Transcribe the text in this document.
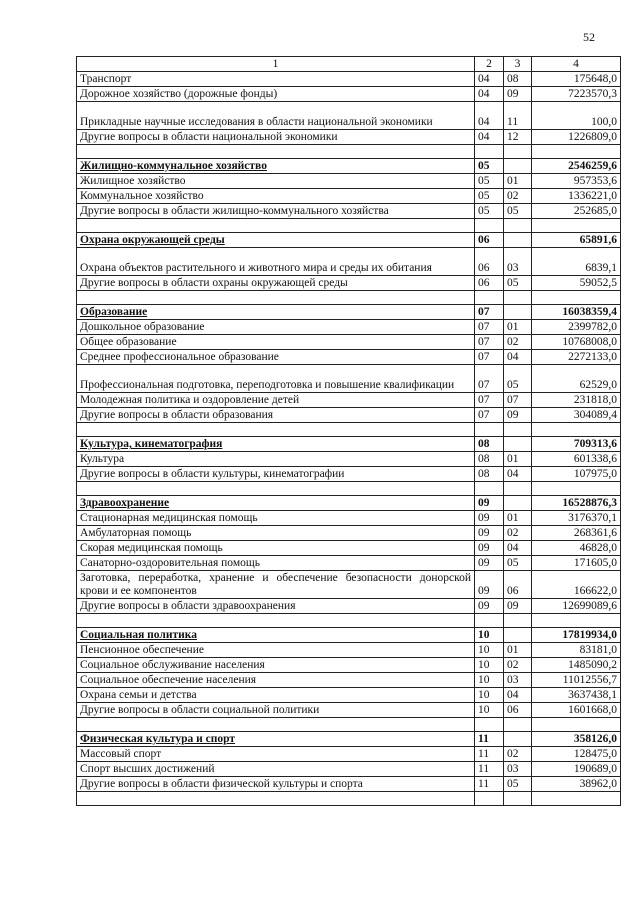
52
1	2	3	4
Транспорт	04	08	175648,0
Дорожное хозяйство (дорожные фонды)	04	09	7223570,3
Прикладные научные исследования в области национальной экономики	04	11	100,0
Другие вопросы в области национальной экономики	04	12	1226809,0

Жилищно-коммунальное хозяйство	05		2546259,6
Жилищное хозяйство	05	01	957353,6
Коммунальное хозяйство	05	02	1336221,0
Другие вопросы в области жилищно-коммунального хозяйства	05	05	252685,0

Охрана окружающей среды	06		65891,6
Охрана объектов растительного и животного мира и среды их обитания	06	03	6839,1
Другие вопросы в области охраны окружающей среды	06	05	59052,5

Образование	07		16038359,4
Дошкольное образование	07	01	2399782,0
Общее образование	07	02	10768008,0
Среднее профессиональное образование	07	04	2272133,0
Профессиональная подготовка, переподготовка и повышение квалификации	07	05	62529,0
Молодежная политика и оздоровление детей	07	07	231818,0
Другие вопросы в области образования	07	09	304089,4

Культура, кинематография	08		709313,6
Культура	08	01	601338,6
Другие вопросы в области культуры, кинематографии	08	04	107975,0

Здравоохранение	09		16528876,3
Стационарная медицинская помощь	09	01	3176370,1
Амбулаторная помощь	09	02	268361,6
Скорая медицинская помощь	09	04	46828,0
Санаторно-оздоровительная помощь	09	05	171605,0
Заготовка, переработка, хранение и обеспечение безопасности донорской крови и ее компонентов	09	06	166622,0
Другие вопросы в области здравоохранения	09	09	12699089,6

Социальная политика	10		17819934,0
Пенсионное обеспечение	10	01	83181,0
Социальное обслуживание населения	10	02	1485090,2
Социальное обеспечение населения	10	03	11012556,7
Охрана семьи и детства	10	04	3637438,1
Другие вопросы в области социальной политики	10	06	1601668,0

Физическая культура и спорт	11		358126,0
Массовый спорт	11	02	128475,0
Спорт высших достижений	11	03	190689,0
Другие вопросы в области физической культуры и спорта	11	05	38962,0
